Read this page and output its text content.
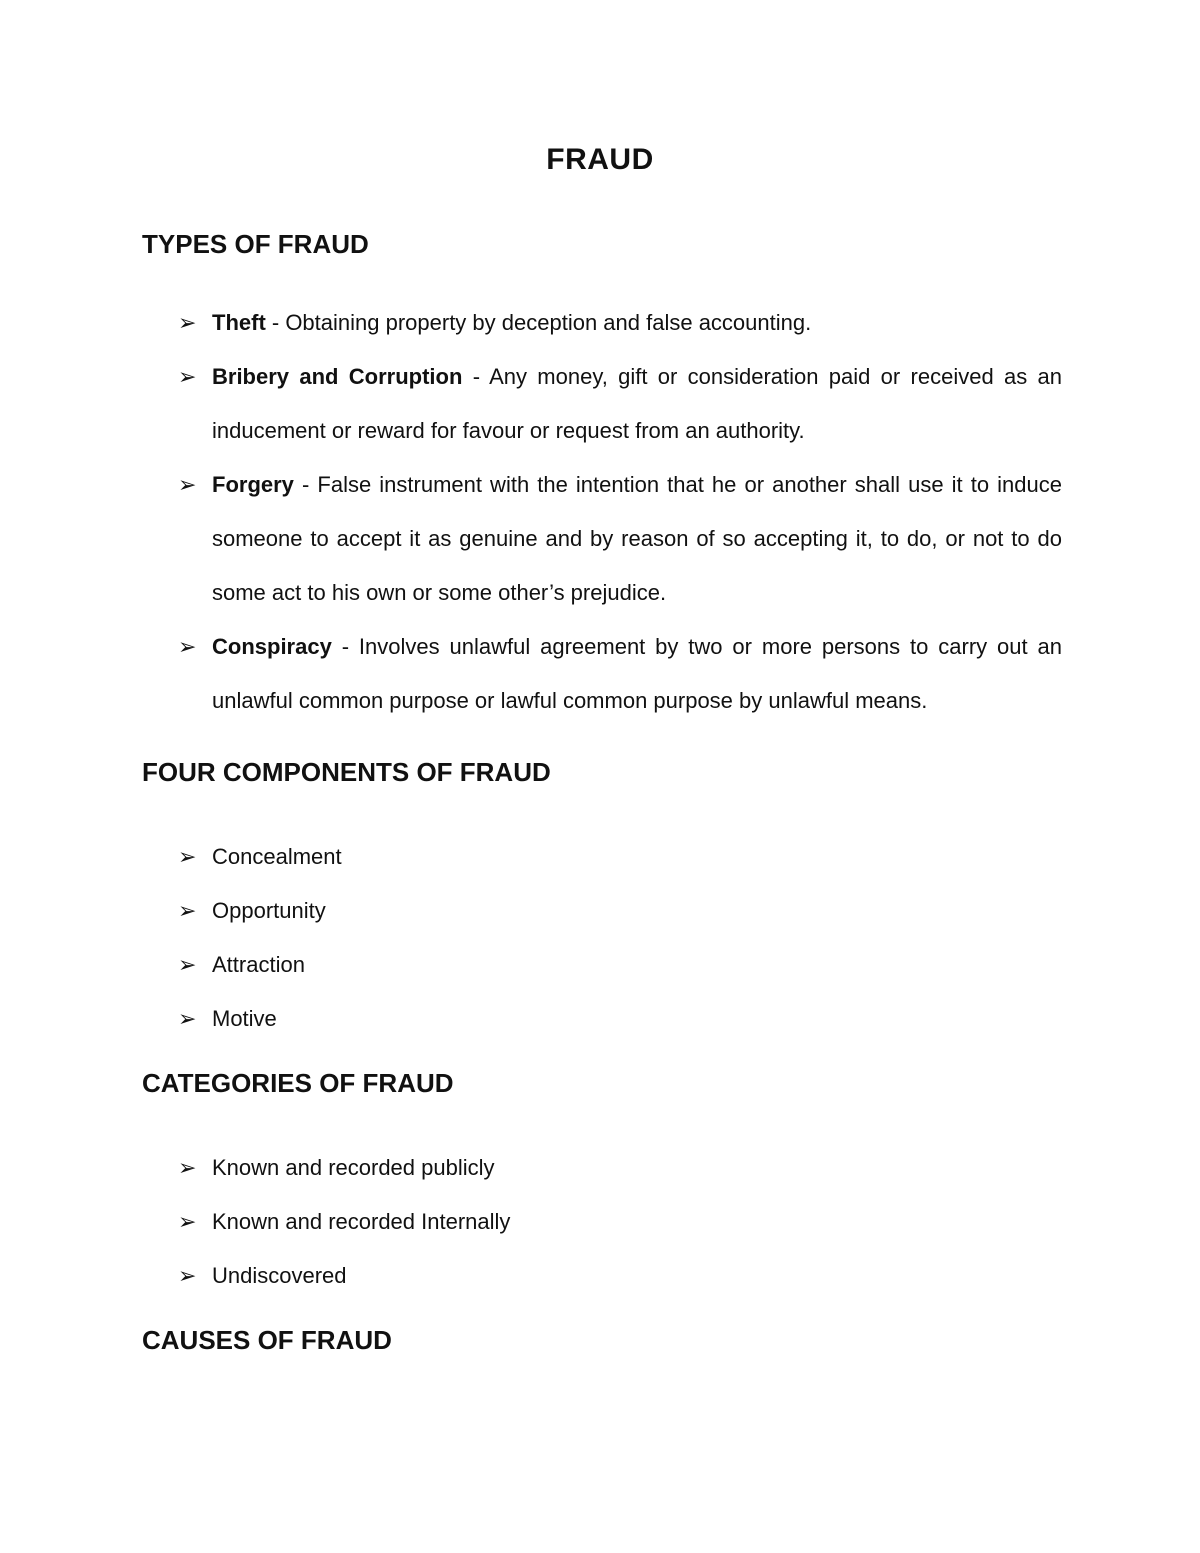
FRAUD
TYPES OF FRAUD
➢ Theft - Obtaining property by deception and false accounting.
➢ Bribery and Corruption - Any money, gift or consideration paid or received as an inducement or reward for favour or request from an authority.
➢ Forgery - False instrument with the intention that he or another shall use it to induce someone to accept it as genuine and by reason of so accepting it, to do, or not to do some act to his own or some other’s prejudice.
➢ Conspiracy - Involves unlawful agreement by two or more persons to carry out an unlawful common purpose or lawful common purpose by unlawful means.
FOUR COMPONENTS OF FRAUD
➢ Concealment
➢ Opportunity
➢ Attraction
➢ Motive
CATEGORIES OF FRAUD
➢ Known and recorded publicly
➢ Known and recorded Internally
➢ Undiscovered
CAUSES OF FRAUD
